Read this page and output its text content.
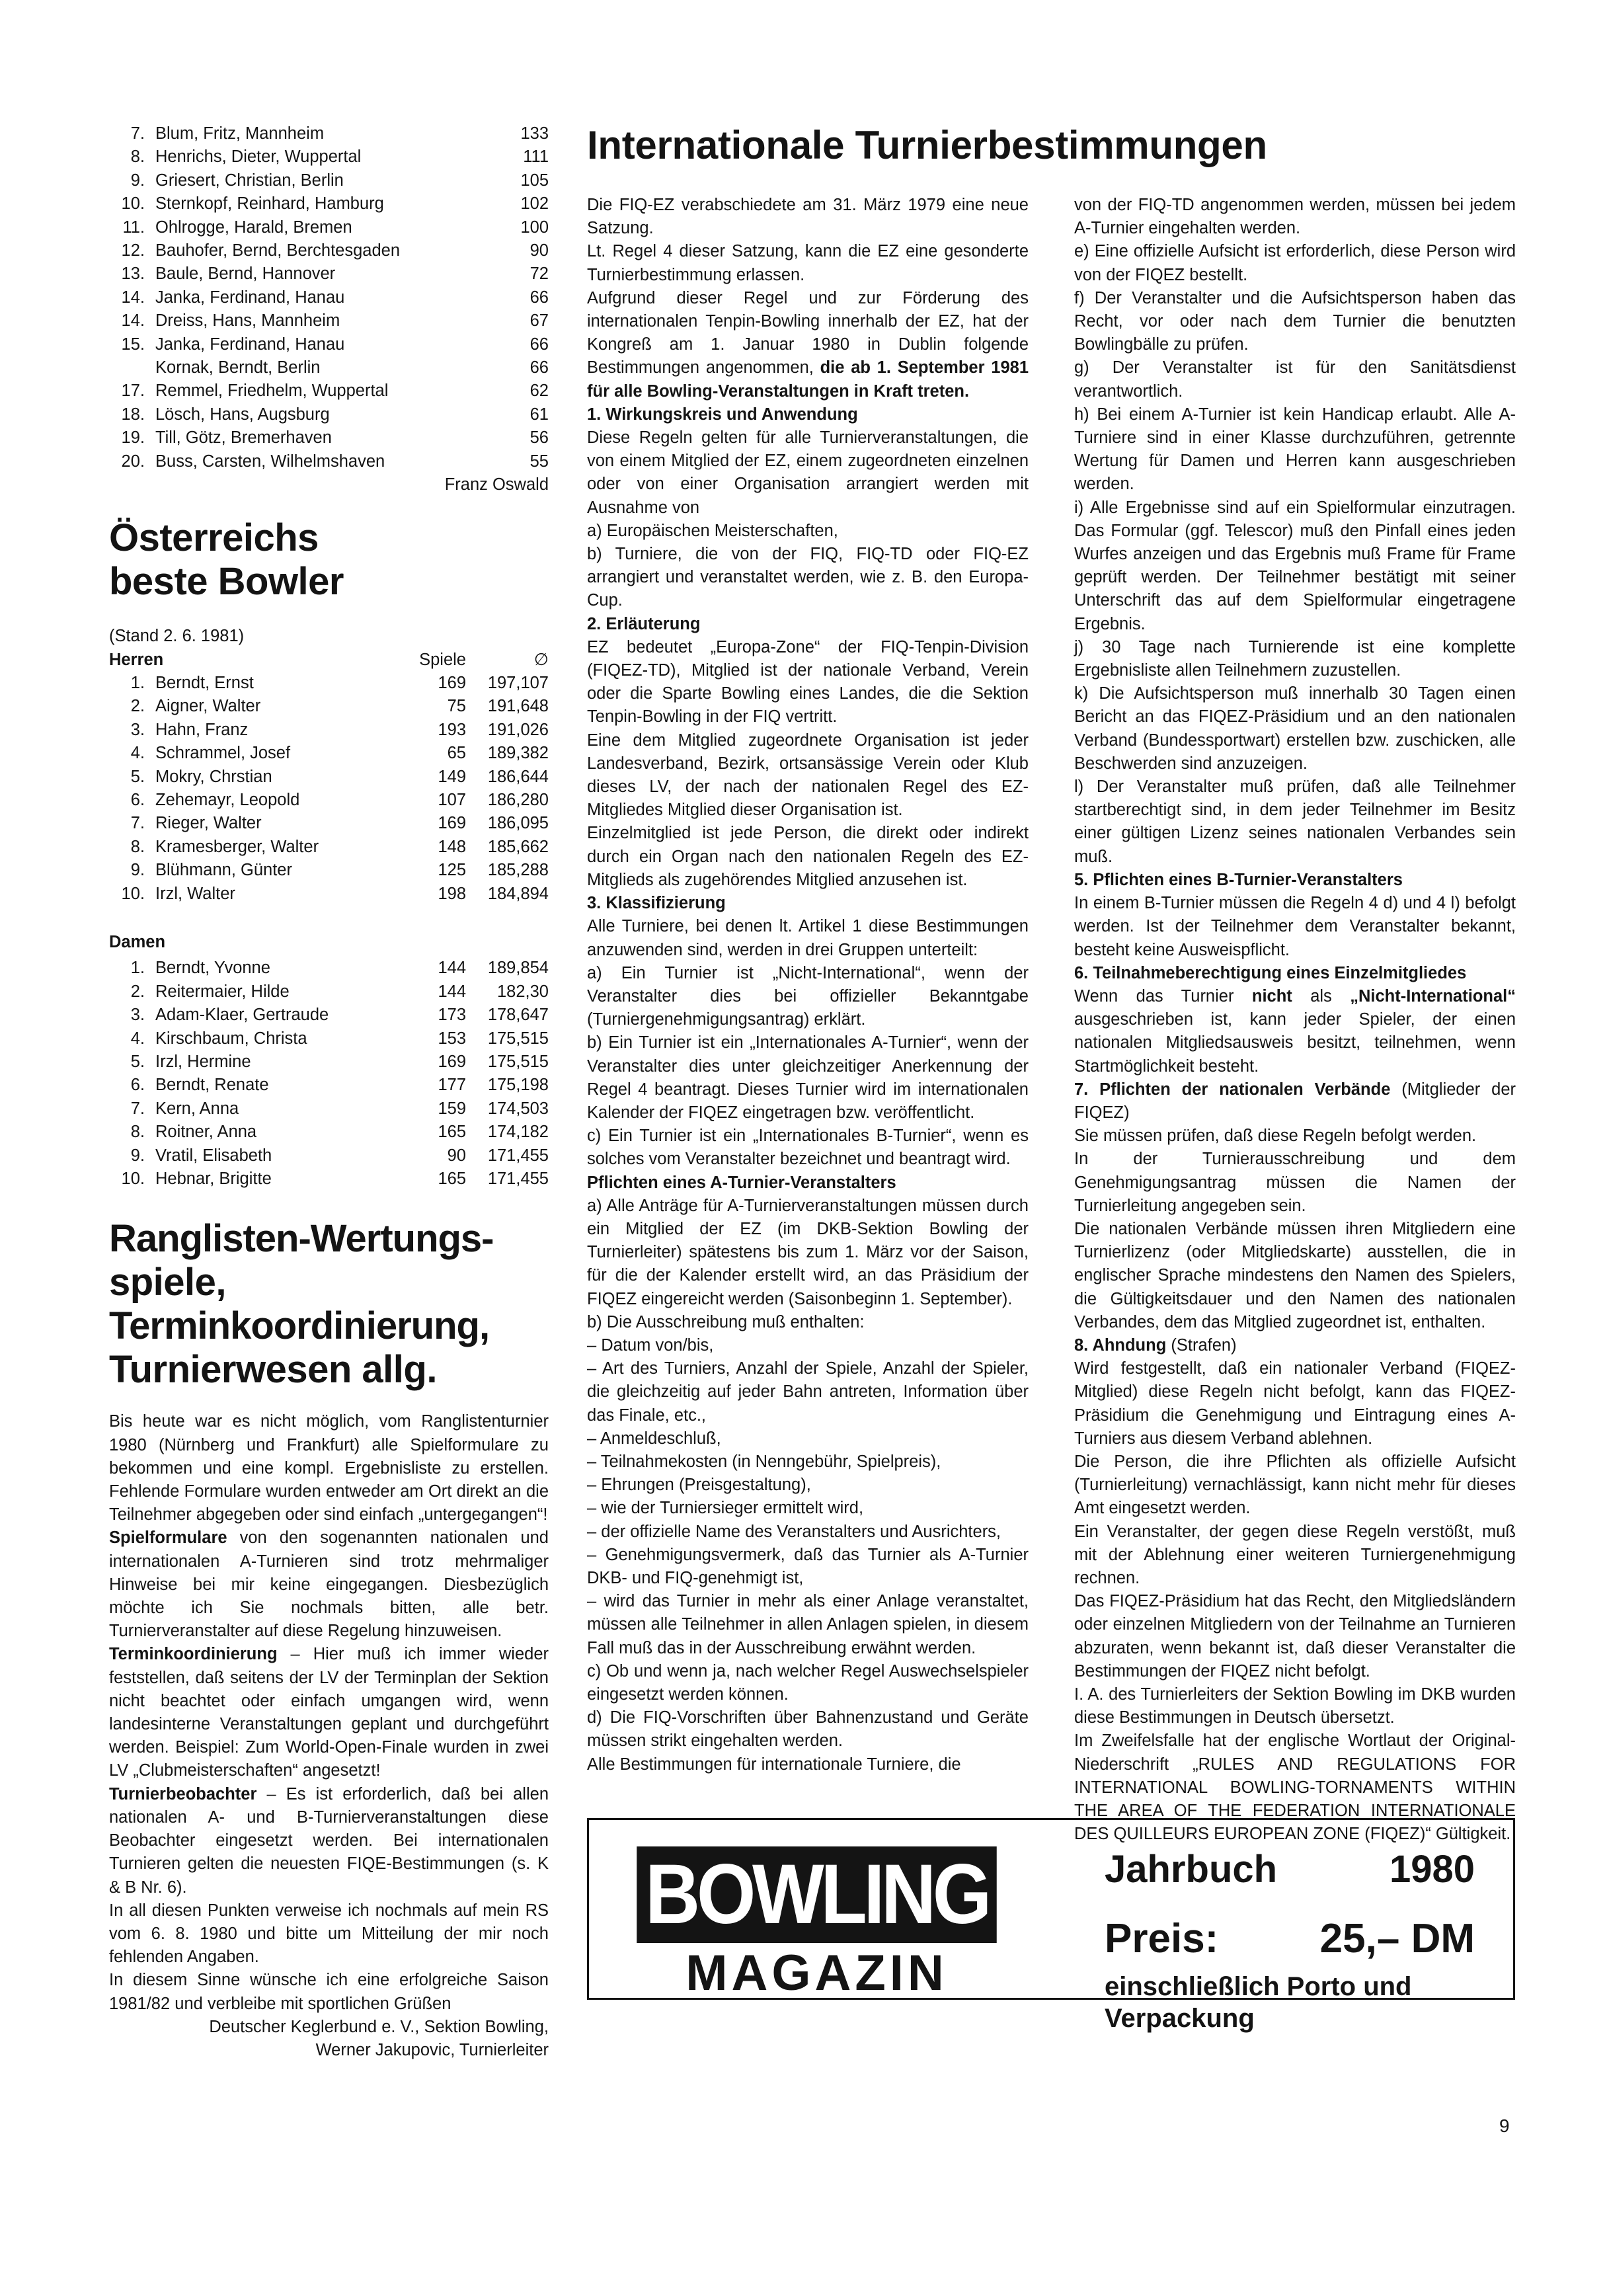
7. Blum, Fritz, Mannheim	133
8. Henrichs, Dieter, Wuppertal	111
9. Griesert, Christian, Berlin	105
10. Sternkopf, Reinhard, Hamburg	102
11. Ohlrogge, Harald, Bremen	100
12. Bauhofer, Bernd, Berchtesgaden	90
13. Baule, Bernd, Hannover	72
14. Janka, Ferdinand, Hanau	66
14. Dreiss, Hans, Mannheim	67
15. Janka, Ferdinand, Hanau	66
Kornak, Berndt, Berlin	66
17. Remmel, Friedhelm, Wuppertal	62
18. Lösch, Hans, Augsburg	61
19. Till, Götz, Bremerhaven	56
20. Buss, Carsten, Wilhelmshaven	55
Franz Oswald
Österreichs
beste Bowler
(Stand 2. 6. 1981)
Herren	Spiele	∅
1. Berndt, Ernst	169	197,107
2. Aigner, Walter	75	191,648
3. Hahn, Franz	193	191,026
4. Schrammel, Josef	65	189,382
5. Mokry, Chrstian	149	186,644
6. Zehemayr, Leopold	107	186,280
7. Rieger, Walter	169	186,095
8. Kramesberger, Walter	148	185,662
9. Blühmann, Günter	125	185,288
10. Irzl, Walter	198	184,894
Damen
1. Berndt, Yvonne	144	189,854
2. Reitermaier, Hilde	144	182,30
3. Adam-Klaer, Gertraude	173	178,647
4. Kirschbaum, Christa	153	175,515
5. Irzl, Hermine	169	175,515
6. Berndt, Renate	177	175,198
7. Kern, Anna	159	174,503
8. Roitner, Anna	165	174,182
9. Vratil, Elisabeth	90	171,455
10. Hebnar, Brigitte	165	171,455
Ranglisten-Wertungs-
spiele,
Terminkoordinierung,
Turnierwesen allg.

Bis heute war es nicht möglich, vom Ranglistenturnier 1980 (Nürnberg und Frankfurt) alle Spielformulare zu bekommen und eine kompl. Ergebnisliste zu erstellen. Fehlende Formulare wurden entweder am Ort direkt an die Teilnehmer abgegeben oder sind einfach „untergegangen“!

Spielformulare von den sogenannten nationalen und internationalen A-Turnieren sind trotz mehrmaliger Hinweise bei mir keine eingegangen. Diesbezüglich möchte ich Sie nochmals bitten, alle betr. Turnierveranstalter auf diese Regelung hinzuweisen.

Terminkoordinierung – Hier muß ich immer wieder feststellen, daß seitens der LV der Terminplan der Sektion nicht beachtet oder einfach umgangen wird, wenn landesinterne Veranstaltungen geplant und durchgeführt werden. Beispiel: Zum World-Open-Finale wurden in zwei LV „Clubmeisterschaften“ angesetzt!

Turnierbeobachter – Es ist erforderlich, daß bei allen nationalen A- und B-Turnierveranstaltungen diese Beobachter eingesetzt werden. Bei internationalen Turnieren gelten die neuesten FIQE-Bestimmungen (s. K & B Nr. 6).

In all diesen Punkten verweise ich nochmals auf mein RS vom 6. 8. 1980 und bitte um Mitteilung der mir noch fehlenden Angaben.

In diesem Sinne wünsche ich eine erfolgreiche Saison 1981/82 und verbleibe mit sportlichen Grüßen

Deutscher Keglerbund e. V., Sektion Bowling,
Werner Jakupovic, Turnierleiter
Internationale Turnierbestimmungen

Die FIQ-EZ verabschiedete am 31. März 1979 eine neue Satzung.

Lt. Regel 4 dieser Satzung, kann die EZ eine gesonderte Turnierbestimmung erlassen.

Aufgrund dieser Regel und zur Förderung des internationalen Tenpin-Bowling innerhalb der EZ, hat der Kongreß am 1. Januar 1980 in Dublin folgende Bestimmungen angenommen, die ab 1. September 1981 für alle Bowling-Veranstaltungen in Kraft treten.

1. Wirkungskreis und Anwendung

Diese Regeln gelten für alle Turnierveranstaltungen, die von einem Mitglied der EZ, einem zugeordneten einzelnen oder von einer Organisation arrangiert werden mit Ausnahme von

a) Europäischen Meisterschaften,

b) Turniere, die von der FIQ, FIQ-TD oder FIQ-EZ arrangiert und veranstaltet werden, wie z. B. den Europa-Cup.

2. Erläuterung

EZ bedeutet „Europa-Zone“ der FIQ-Tenpin-Division (FIQEZ-TD), Mitglied ist der nationale Verband, Verein oder die Sparte Bowling eines Landes, die die Sektion Tenpin-Bowling in der FIQ vertritt.

Eine dem Mitglied zugeordnete Organisation ist jeder Landesverband, Bezirk, ortsansässige Verein oder Klub dieses LV, der nach der nationalen Regel des EZ-Mitgliedes Mitglied dieser Organisation ist.

Einzelmitglied ist jede Person, die direkt oder indirekt durch ein Organ nach den nationalen Regeln des EZ-Mitglieds als zugehörendes Mitglied anzusehen ist.

3. Klassifizierung

Alle Turniere, bei denen lt. Artikel 1 diese Bestimmungen anzuwenden sind, werden in drei Gruppen unterteilt:

a) Ein Turnier ist „Nicht-International“, wenn der Veranstalter dies bei offizieller Bekanntgabe (Turniergenehmigungsantrag) erklärt.

b) Ein Turnier ist ein „Internationales A-Turnier“, wenn der Veranstalter dies unter gleichzeitiger Anerkennung der Regel 4 beantragt. Dieses Turnier wird im internationalen Kalender der FIQEZ eingetragen bzw. veröffentlicht.

c) Ein Turnier ist ein „Internationales B-Turnier“, wenn es solches vom Veranstalter bezeichnet und beantragt wird.

Pflichten eines A-Turnier-Veranstalters

a) Alle Anträge für A-Turnierveranstaltungen müssen durch ein Mitglied der EZ (im DKB-Sektion Bowling der Turnierleiter) spätestens bis zum 1. März vor der Saison, für die der Kalender erstellt wird, an das Präsidium der FIQEZ eingereicht werden (Saisonbeginn 1. September).

b) Die Ausschreibung muß enthalten:

– Datum von/bis,

– Art des Turniers, Anzahl der Spiele, Anzahl der Spieler, die gleichzeitig auf jeder Bahn antreten, Information über das Finale, etc.,

– Anmeldeschluß,

– Teilnahmekosten (in Nenngebühr, Spielpreis),

– Ehrungen (Preisgestaltung),

– wie der Turniersieger ermittelt wird,

– der offizielle Name des Veranstalters und Ausrichters,

– Genehmigungsvermerk, daß das Turnier als A-Turnier DKB- und FIQ-genehmigt ist,

– wird das Turnier in mehr als einer Anlage veranstaltet, müssen alle Teilnehmer in allen Anlagen spielen, in diesem Fall muß das in der Ausschreibung erwähnt werden.

c) Ob und wenn ja, nach welcher Regel Auswechselspieler eingesetzt werden können.

d) Die FIQ-Vorschriften über Bahnenzustand und Geräte müssen strikt eingehalten werden.

Alle Bestimmungen für internationale Turniere, die

von der FIQ-TD angenommen werden, müssen bei jedem A-Turnier eingehalten werden.

e) Eine offizielle Aufsicht ist erforderlich, diese Person wird von der FIQEZ bestellt.

f) Der Veranstalter und die Aufsichtsperson haben das Recht, vor oder nach dem Turnier die benutzten Bowlingbälle zu prüfen.

g) Der Veranstalter ist für den Sanitätsdienst verantwortlich.

h) Bei einem A-Turnier ist kein Handicap erlaubt. Alle A-Turniere sind in einer Klasse durchzuführen, getrennte Wertung für Damen und Herren kann ausgeschrieben werden.

i) Alle Ergebnisse sind auf ein Spielformular einzutragen. Das Formular (ggf. Telescor) muß den Pinfall eines jeden Wurfes anzeigen und das Ergebnis muß Frame für Frame geprüft werden. Der Teilnehmer bestätigt mit seiner Unterschrift das auf dem Spielformular eingetragene Ergebnis.

j) 30 Tage nach Turnierende ist eine komplette Ergebnisliste allen Teilnehmern zuzustellen.

k) Die Aufsichtsperson muß innerhalb 30 Tagen einen Bericht an das FIQEZ-Präsidium und an den nationalen Verband (Bundessportwart) erstellen bzw. zuschicken, alle Beschwerden sind anzuzeigen.

l) Der Veranstalter muß prüfen, daß alle Teilnehmer startberechtigt sind, in dem jeder Teilnehmer im Besitz einer gültigen Lizenz seines nationalen Verbandes sein muß.

5. Pflichten eines B-Turnier-Veranstalters

In einem B-Turnier müssen die Regeln 4 d) und 4 l) befolgt werden. Ist der Teilnehmer dem Veranstalter bekannt, besteht keine Ausweispflicht.

6. Teilnahmeberechtigung eines Einzelmitgliedes

Wenn das Turnier nicht als „Nicht-International“ ausgeschrieben ist, kann jeder Spieler, der einen nationalen Mitgliedsausweis besitzt, teilnehmen, wenn Startmöglichkeit besteht.

7. Pflichten der nationalen Verbände (Mitglieder der FIQEZ)

Sie müssen prüfen, daß diese Regeln befolgt werden.

In der Turnierausschreibung und dem Genehmigungsantrag müssen die Namen der Turnierleitung angegeben sein.

Die nationalen Verbände müssen ihren Mitgliedern eine Turnierlizenz (oder Mitgliedskarte) ausstellen, die in englischer Sprache mindestens den Namen des Spielers, die Gültigkeitsdauer und den Namen des nationalen Verbandes, dem das Mitglied zugeordnet ist, enthalten.

8. Ahndung (Strafen)

Wird festgestellt, daß ein nationaler Verband (FIQEZ-Mitglied) diese Regeln nicht befolgt, kann das FIQEZ-Präsidium die Genehmigung und Eintragung eines A-Turniers aus diesem Verband ablehnen.

Die Person, die ihre Pflichten als offizielle Aufsicht (Turnierleitung) vernachlässigt, kann nicht mehr für dieses Amt eingesetzt werden.

Ein Veranstalter, der gegen diese Regeln verstößt, muß mit der Ablehnung einer weiteren Turniergenehmigung rechnen.

Das FIQEZ-Präsidium hat das Recht, den Mitgliedsländern oder einzelnen Mitgliedern von der Teilnahme an Turnieren abzuraten, wenn bekannt ist, daß dieser Veranstalter die Bestimmungen der FIQEZ nicht befolgt.

I. A. des Turnierleiters der Sektion Bowling im DKB wurden diese Bestimmungen in Deutsch übersetzt.

Im Zweifelsfalle hat der englische Wortlaut der Original-Niederschrift „RULES AND REGULATIONS FOR INTERNATIONAL BOWLING-TORNAMENTS WITHIN THE AREA OF THE FEDERATION INTERNATIONALE DES QUILLEURS EUROPEAN ZONE (FIQEZ)“ Gültigkeit.

BOWLING
MAGAZIN
Jahrbuch	1980
Preis: 25,– DM
einschließlich Porto und
Verpackung
9
